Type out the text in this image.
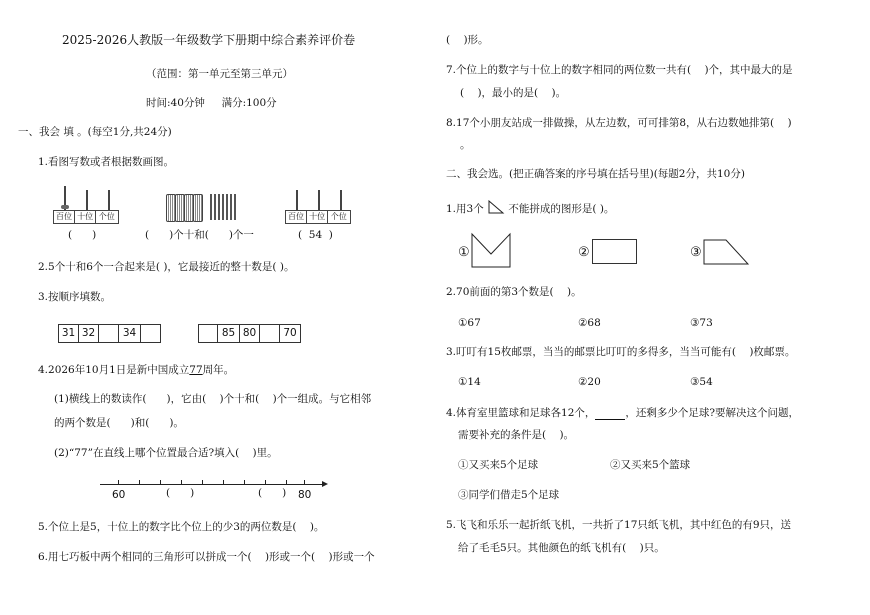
2025-2026人教版一年级数学下册期中综合素养评价卷
（范围：第一单元至第三单元）
时间:40分钟     满分:100分
一、我会 填 。(每空1分,共24分)
1.看图写数或者根据数画图。
百位 十位 个位
(      )	(      )个十和(      )个一
百位 十位 个位
(  54  )
2.5个十和6个一合起来是( )，它最接近的整十数是( )。
3.按顺序填数。
31 32	34	85 80	70
4.2026年10月1日是新中国成立77周年。
(1)横线上的数读作(      )，它由(    )个十和(    )个一组成。与它相邻
的两个数是(      )和(      )。
(2)“77”在直线上哪个位置最合适?填入(    )里。
60	(      )	(      ) 80
5.个位上是5，十位上的数字比个位上的少3的两位数是(    )。
6.用七巧板中两个相同的三角形可以拼成一个(    )形或一个(    )形或一个
(    )形。
7.个位上的数字与十位上的数字相同的两位数一共有(    )个，其中最大的是
(    )，最小的是(    )。
8.17个小朋友站成一排做操，从左边数，可可排第8，从右边数她排第(    )
。
二、我会选。(把正确答案的序号填在括号里)(每题2分，共10分)
1.用3个 不能拼成的图形是( )。
①	②	③
2.70前面的第3个数是(    )。
①67	②68	③73
3.叮叮有15枚邮票，当当的邮票比叮叮的多得多，当当可能有(    )枚邮票。
①14	②20	③54
4.体育室里篮球和足球各12个，	，还剩多少个足球?要解决这个问题，
需要补充的条件是(    )。
①又买来5个足球	②又买来5个篮球
③同学们借走5个足球
5.飞飞和乐乐一起折纸飞机，一共折了17只纸飞机，其中红色的有9只，送
给了毛毛5只。其他颜色的纸飞机有(    )只。
